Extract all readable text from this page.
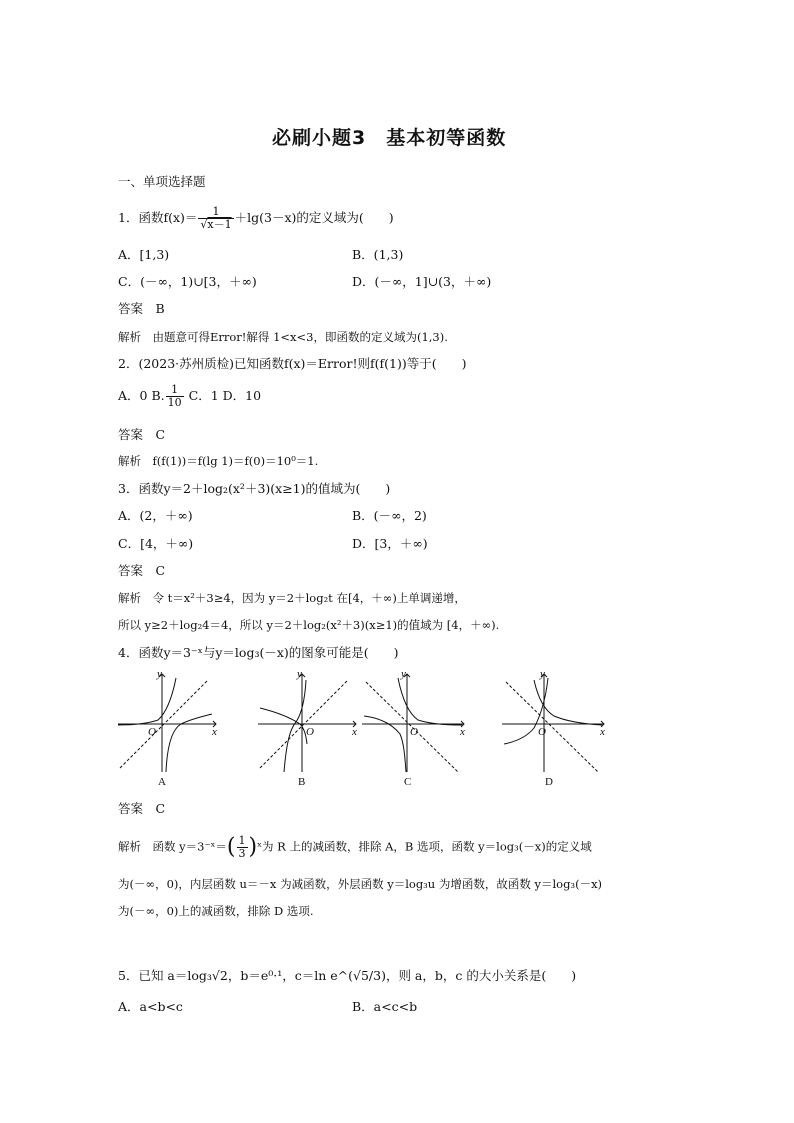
必刷小题3　基本初等函数
一、单项选择题
1．函数$f(x)= \frac{1}{√x-1} +\lg(3-x)$的定义域为(　　)
A．[1,3)	B．(1,3)
C．(－∞，1)∪[3，＋∞)	D．(－∞，1]∪(3，＋∞)
答案　 B
解析　 由题意可得Error!解得 1<x<3，即函数的定义域为(1,3).
2．(2023·苏州质检)已知函数f(x)＝Error!则f(f(1))等于(　　)
A．0 B. $\frac{1}{10}$ C．1 D．10
答案　 C
解析　 f(f(1))＝f(lg 1)＝f(0)＝10⁰＝1.
3．函数y＝2＋log₂(x²＋3)(x≥1)的值域为(　　)
A．(2，＋∞)	B．(－∞，2)
C．[4，＋∞)	D．[3，＋∞)
答案　 C
解析　 令 t＝x²＋3≥4，因为 y＝2＋log₂t 在[4，＋∞)上单调递增，
所以 y≥2＋log₂4＝4，所以 y＝2＋log₂(x²＋3)(x≥1)的值域为 [4，＋∞).
4．函数y＝3⁻ˣ与y＝log₃(－x)的图象可能是(　　)
y
x
O
A
y
x
O
B
y
x
O
C
y
x
O
D
答案　 C
解析　 函数 y＝3⁻ˣ＝( $\frac{1}{3}$ )ˣ为 R 上的减函数，排除 A，B 选项，函数 y＝log₃(－x)的定义域
为(－∞，0)，内层函数 u＝－x 为减函数，外层函数 y＝log₃u 为增函数，故函数 y＝log₃(－x)
为(－∞，0)上的减函数，排除 D 选项.
5．已知 a＝log₃√2，b＝e⁰·¹，c＝ln e^(√5/3)，则 a，b，c 的大小关系是(　　)
A．a<b<c	B．a<c<b
